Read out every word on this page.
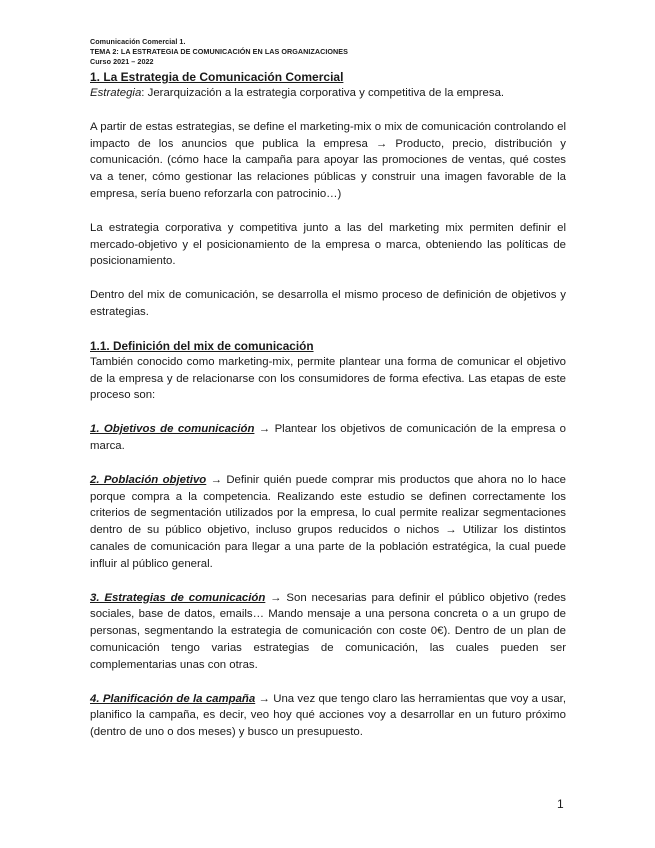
Comunicación Comercial 1.
TEMA 2: LA ESTRATEGIA DE COMUNICACIÓN EN LAS ORGANIZACIONES
Curso 2021 – 2022
1. La Estrategia de Comunicación Comercial

Estrategia: Jerarquización a la estrategia corporativa y competitiva de la empresa.

A partir de estas estrategias, se define el marketing-mix o mix de comunicación controlando el impacto de los anuncios que publica la empresa → Producto, precio, distribución y comunicación. (cómo hace la campaña para apoyar las promociones de ventas, qué costes va a tener, cómo gestionar las relaciones públicas y construir una imagen favorable de la empresa, sería bueno reforzarla con patrocinio…)

La estrategia corporativa y competitiva junto a las del marketing mix permiten definir el mercado-objetivo y el posicionamiento de la empresa o marca, obteniendo las políticas de posicionamiento.

Dentro del mix de comunicación, se desarrolla el mismo proceso de definición de objetivos y estrategias.

1.1. Definición del mix de comunicación

También conocido como marketing-mix, permite plantear una forma de comunicar el objetivo de la empresa y de relacionarse con los consumidores de forma efectiva. Las etapas de este proceso son:

1. Objetivos de comunicación → Plantear los objetivos de comunicación de la empresa o marca.

2. Población objetivo → Definir quién puede comprar mis productos que ahora no lo hace porque compra a la competencia. Realizando este estudio se definen correctamente los criterios de segmentación utilizados por la empresa, lo cual permite realizar segmentaciones dentro de su público objetivo, incluso grupos reducidos o nichos → Utilizar los distintos canales de comunicación para llegar a una parte de la población estratégica, la cual puede influir al público general.

3. Estrategias de comunicación → Son necesarias para definir el público objetivo (redes sociales, base de datos, emails… Mando mensaje a una persona concreta o a un grupo de personas, segmentando la estrategia de comunicación con coste 0€). Dentro de un plan de comunicación tengo varias estrategias de comunicación, las cuales pueden ser complementarias unas con otras.

4. Planificación de la campaña → Una vez que tengo claro las herramientas que voy a usar, planifico la campaña, es decir, veo hoy qué acciones voy a desarrollar en un futuro próximo (dentro de uno o dos meses) y busco un presupuesto.

1
